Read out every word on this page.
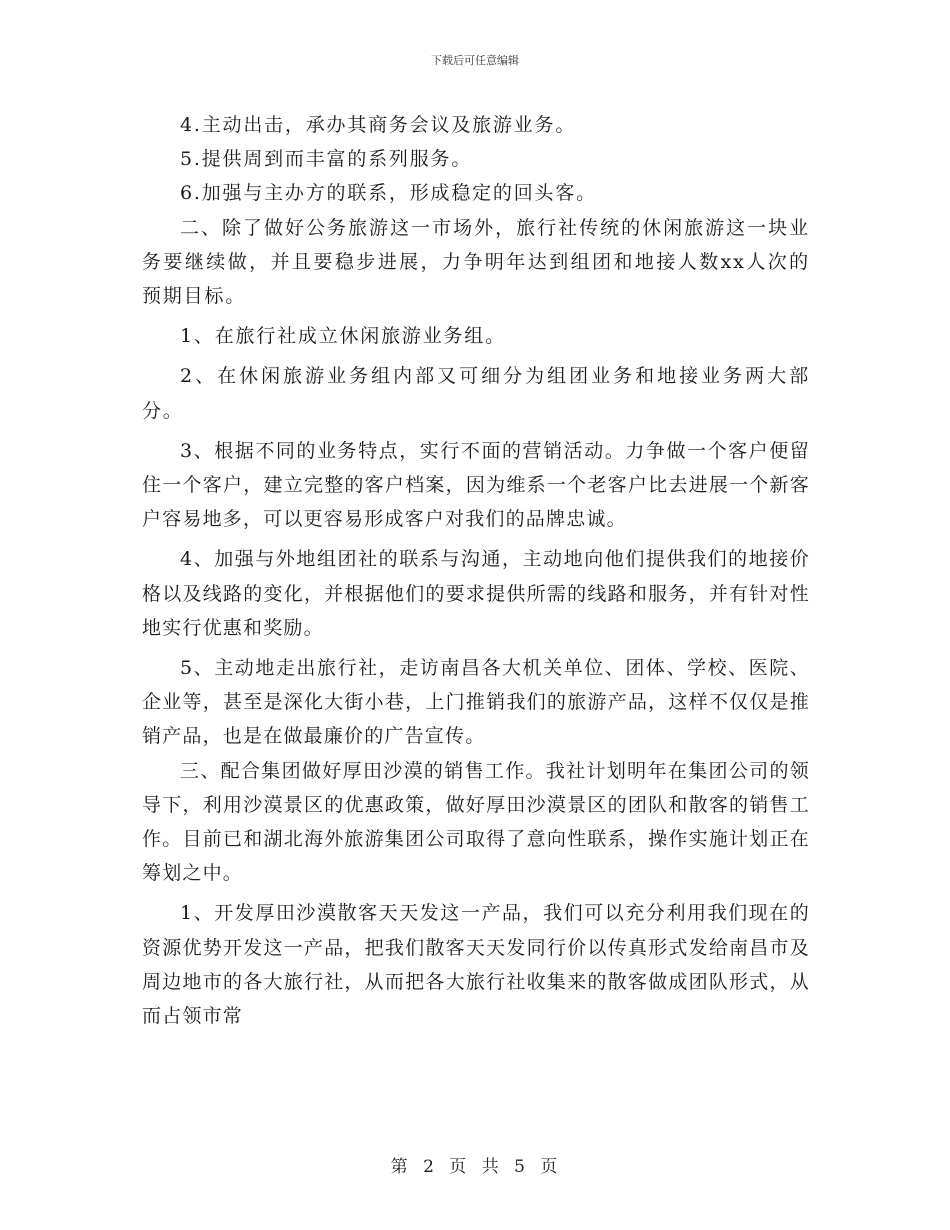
下载后可任意编辑

4.主动出击，承办其商务会议及旅游业务。

5.提供周到而丰富的系列服务。

6.加强与主办方的联系，形成稳定的回头客。

二、除了做好公务旅游这一市场外，旅行社传统的休闲旅游这一块业务要继续做，并且要稳步进展，力争明年达到组团和地接人数xx人次的预期目标。

1、在旅行社成立休闲旅游业务组。

2、在休闲旅游业务组内部又可细分为组团业务和地接业务两大部分。

3、根据不同的业务特点，实行不面的营销活动。力争做一个客户便留住一个客户，建立完整的客户档案，因为维系一个老客户比去进展一个新客户容易地多，可以更容易形成客户对我们的品牌忠诚。

4、加强与外地组团社的联系与沟通，主动地向他们提供我们的地接价格以及线路的变化，并根据他们的要求提供所需的线路和服务，并有针对性地实行优惠和奖励。

5、主动地走出旅行社，走访南昌各大机关单位、团体、学校、医院、企业等，甚至是深化大街小巷，上门推销我们的旅游产品，这样不仅仅是推销产品，也是在做最廉价的广告宣传。

三、配合集团做好厚田沙漠的销售工作。我社计划明年在集团公司的领导下，利用沙漠景区的优惠政策，做好厚田沙漠景区的团队和散客的销售工作。目前已和湖北海外旅游集团公司取得了意向性联系，操作实施计划正在筹划之中。

1、开发厚田沙漠散客天天发这一产品，我们可以充分利用我们现在的资源优势开发这一产品，把我们散客天天发同行价以传真形式发给南昌市及周边地市的各大旅行社，从而把各大旅行社收集来的散客做成团队形式，从而占领市常

第 2 页 共 5 页
